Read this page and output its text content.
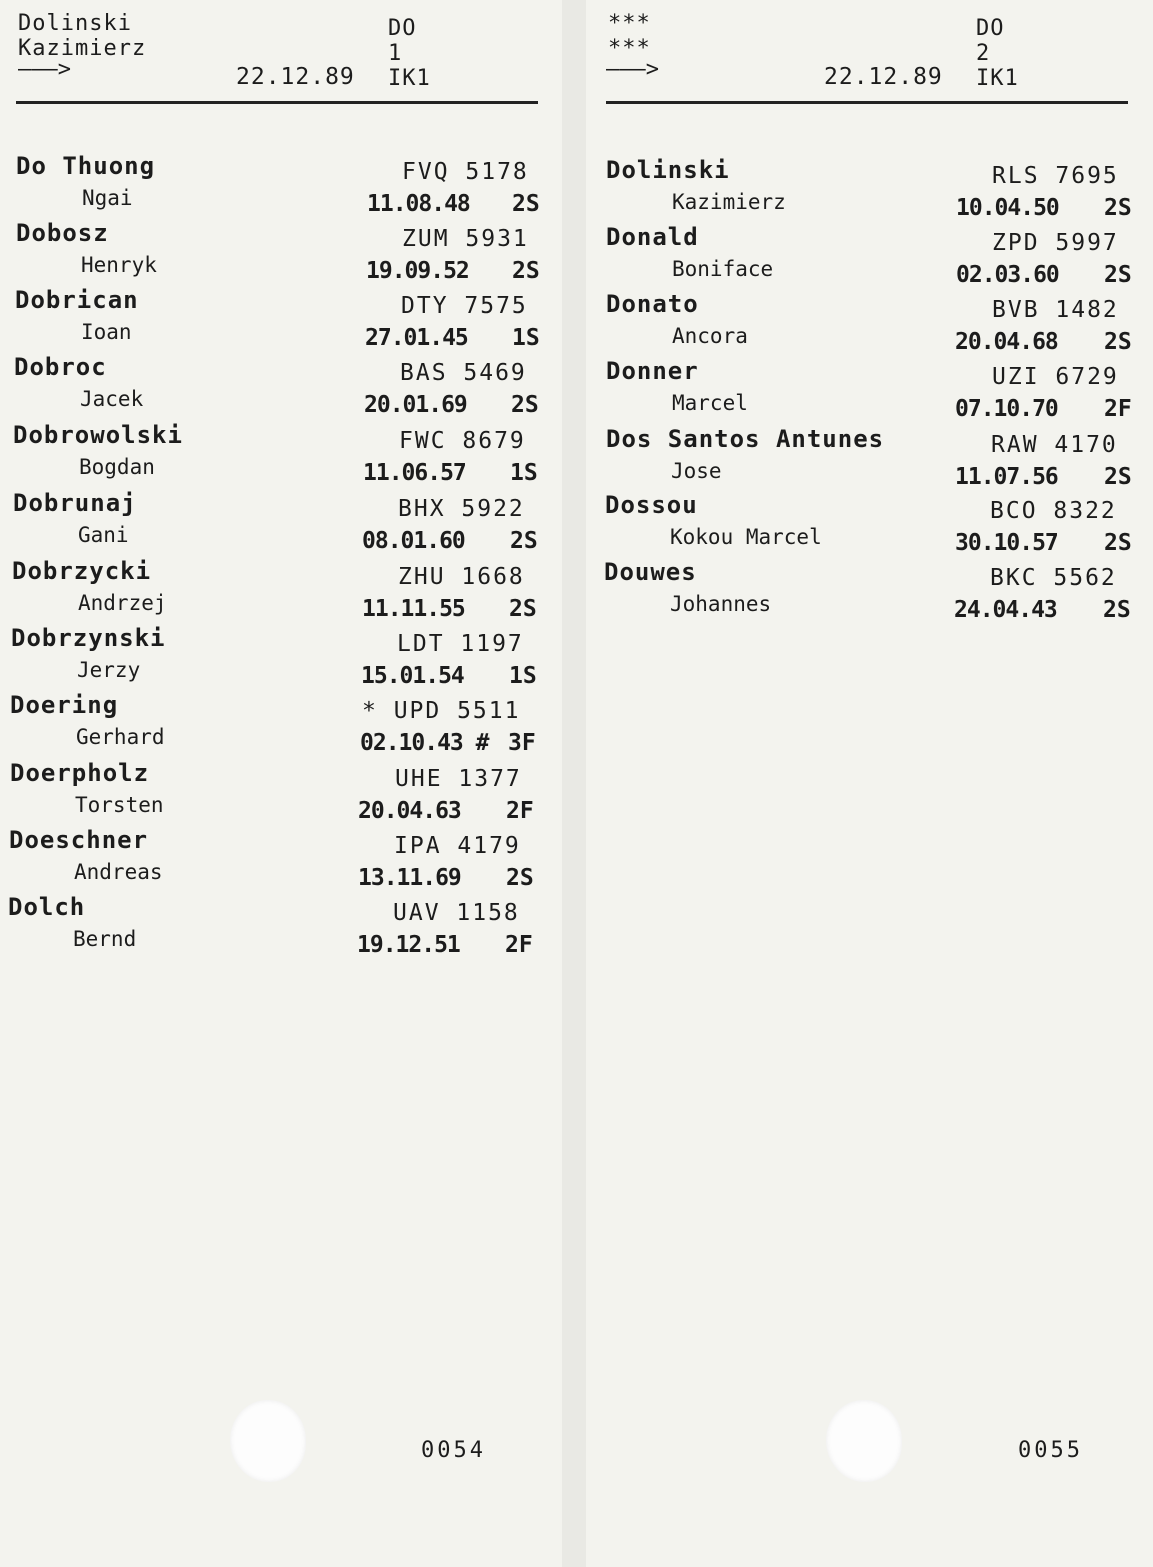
Dolinski
Kazimierz
———>	22.12.89
DO
1
IK1
Do Thuong
Ngai
FVQ 5178
11.08.48 2S
Dobosz
Henryk
ZUM 5931
19.09.52 2S
Dobrican
Ioan
DTY 7575
27.01.45 1S
Dobroc
Jacek
BAS 5469
20.01.69 2S
Dobrowolski
Bogdan
FWC 8679
11.06.57 1S
Dobrunaj
Gani
BHX 5922
08.01.60 2S
Dobrzycki
Andrzej
ZHU 1668
11.11.55 2S
Dobrzynski
Jerzy
LDT 1197
15.01.54 1S
Doering
Gerhard
* UPD 5511
02.10.43 # 3F
Doerpholz
Torsten
UHE 1377
20.04.63 2F
Doeschner
Andreas
IPA 4179
13.11.69 2S
Dolch
Bernd
UAV 1158
19.12.51 2F
0054
***
***
———>	22.12.89
DO
2
IK1
Dolinski
Kazimierz
RLS 7695
10.04.50 2S
Donald
Boniface
ZPD 5997
02.03.60 2S
Donato
Ancora
BVB 1482
20.04.68 2S
Donner
Marcel
UZI 6729
07.10.70 2F
Dos Santos Antunes
Jose
RAW 4170
11.07.56 2S
Dossou
Kokou Marcel
BCO 8322
30.10.57 2S
Douwes
Johannes
BKC 5562
24.04.43 2S
0055
